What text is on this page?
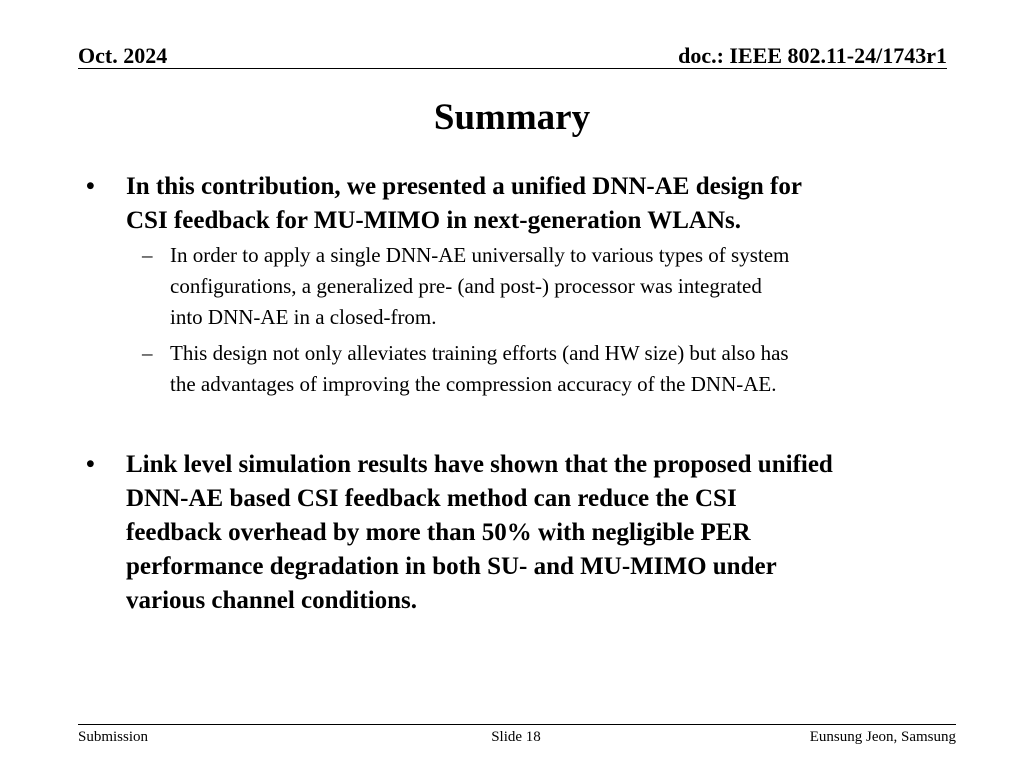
Oct. 2024	doc.: IEEE 802.11-24/1743r1
Summary
• In this contribution, we presented a unified DNN-AE design for
CSI feedback for MU-MIMO in next-generation WLANs.
– In order to apply a single DNN-AE universally to various types of system
configurations, a generalized pre- (and post-) processor was integrated
into DNN-AE in a closed-from.
– This design not only alleviates training efforts (and HW size) but also has
the advantages of improving the compression accuracy of the DNN-AE.
• Link level simulation results have shown that the proposed unified
DNN-AE based CSI feedback method can reduce the CSI
feedback overhead by more than 50% with negligible PER
performance degradation in both SU- and MU-MIMO under
various channel conditions.
Submission	Slide 18	Eunsung Jeon, Samsung
